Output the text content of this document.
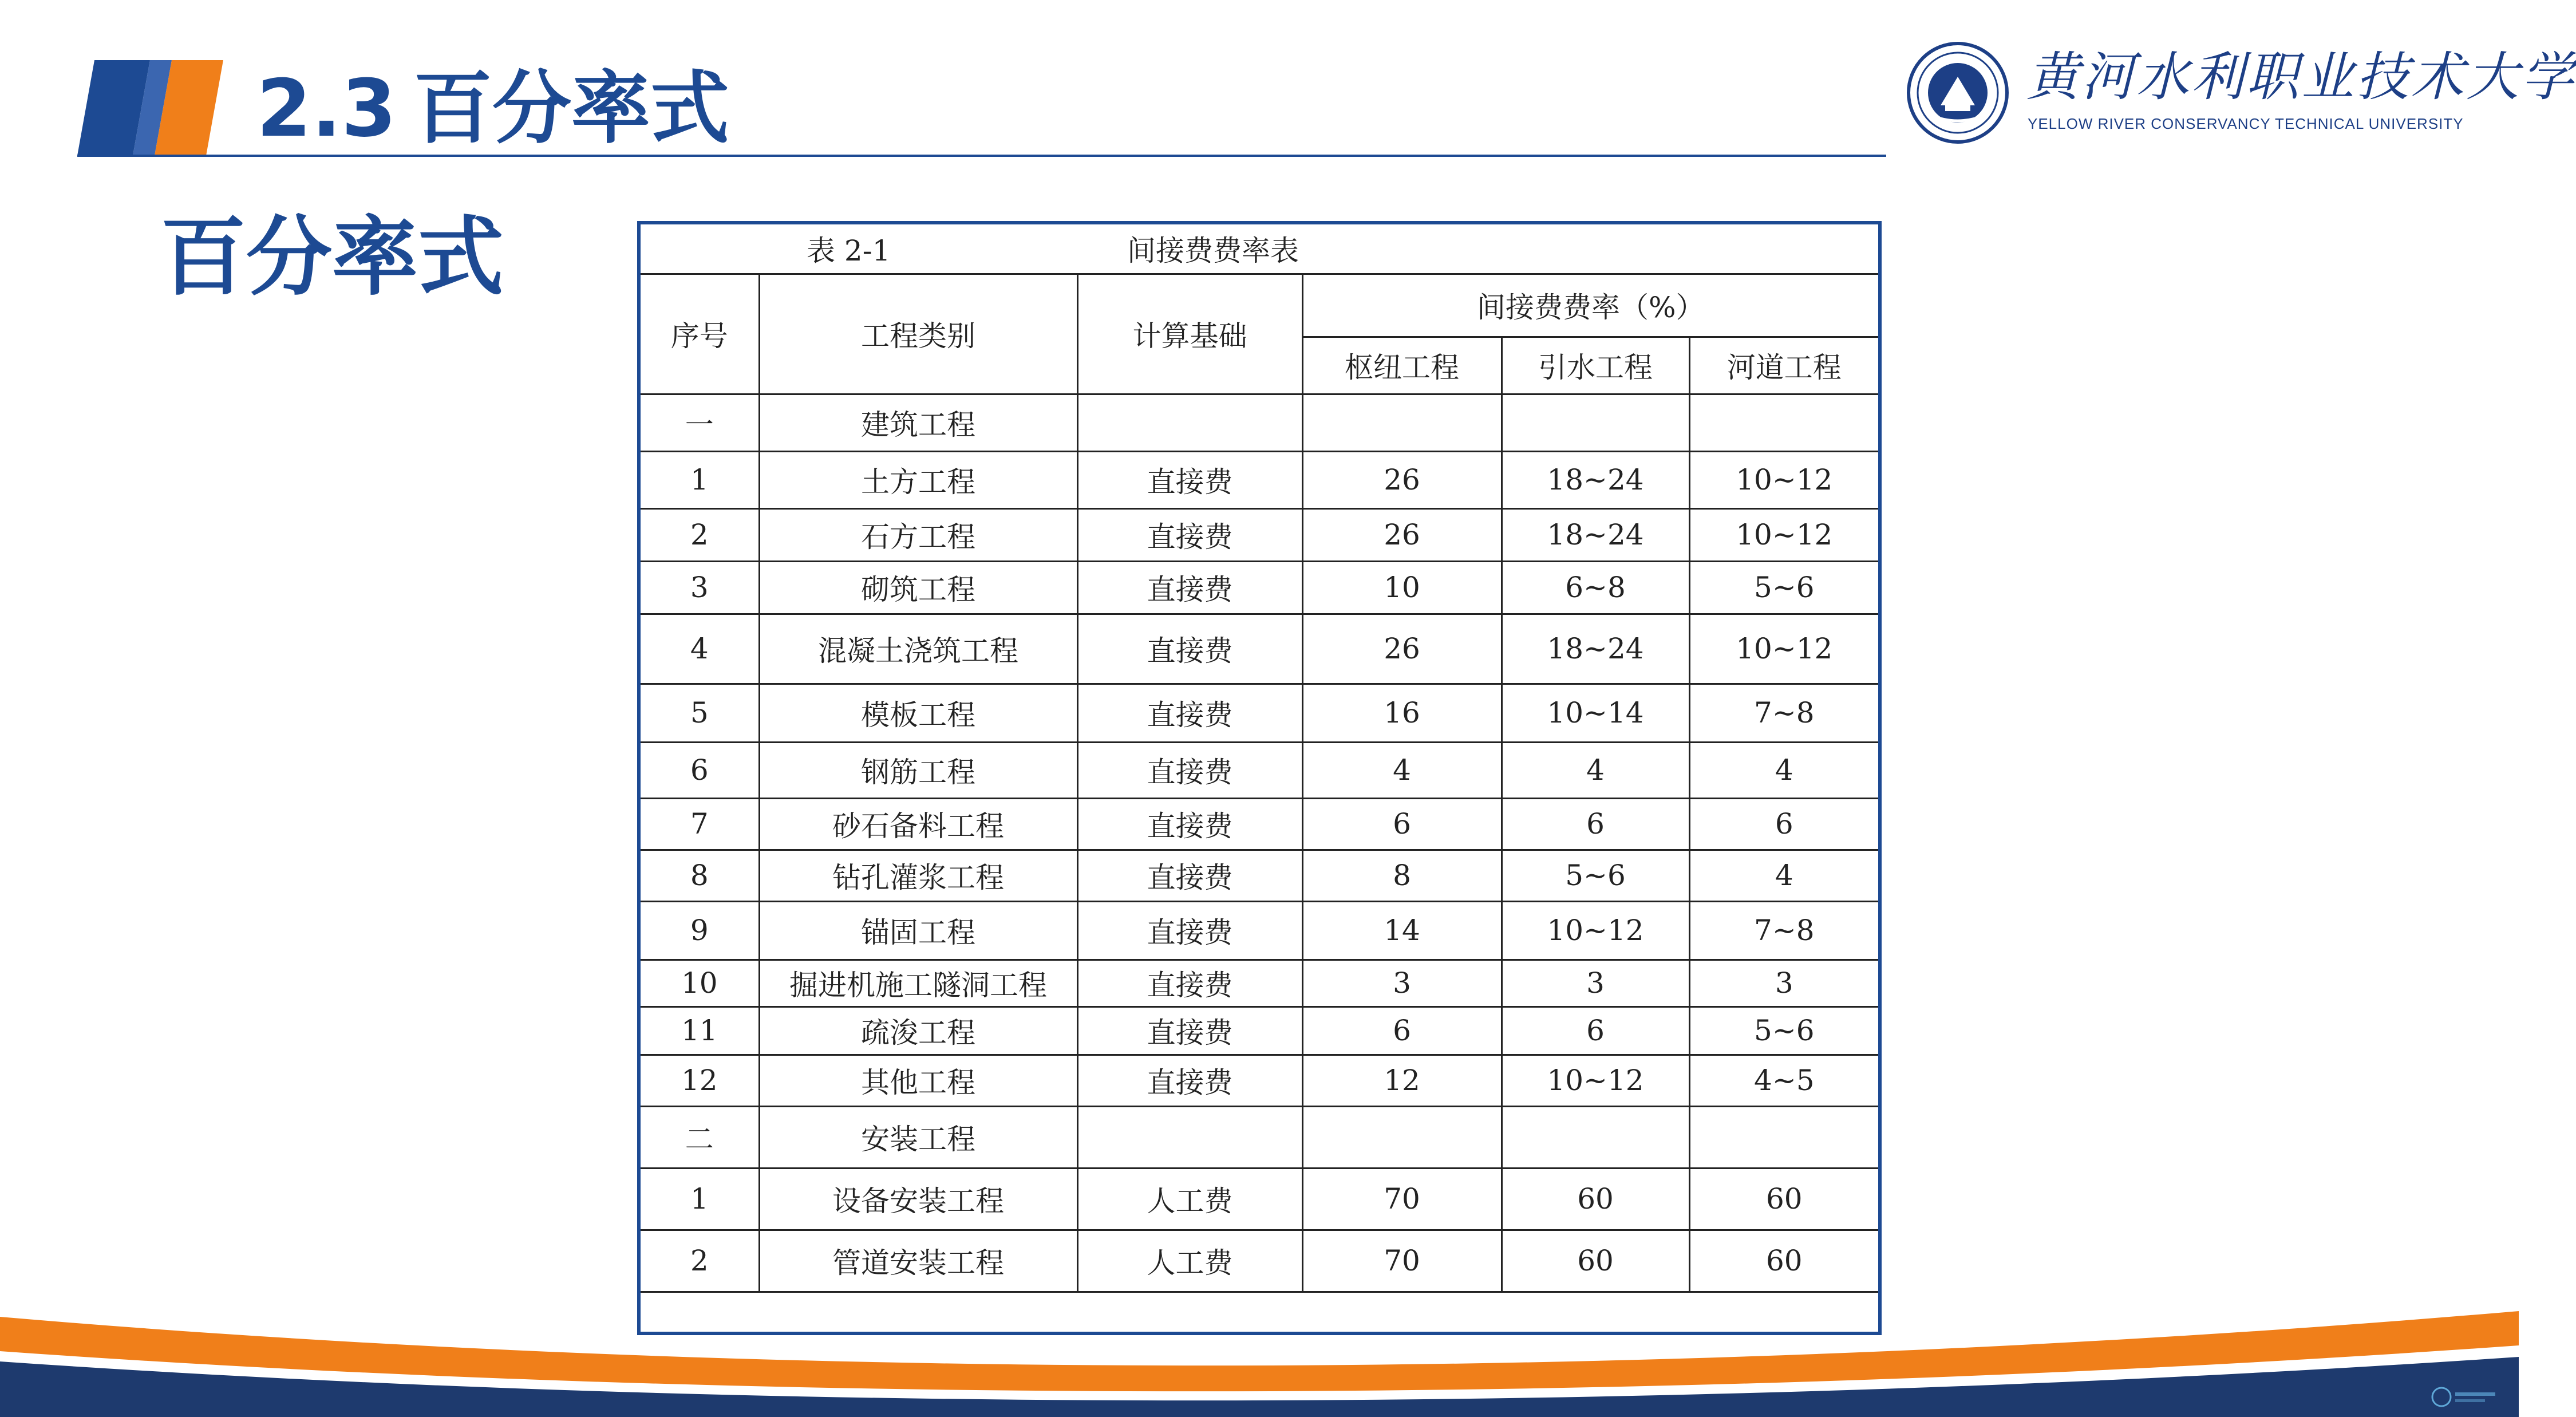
2.3 百分率式	黄河水利职业技术大学
YELLOW RIVER CONSERVANCY TECHNICAL UNIVERSITY
百分率式	表 2-1 间接费费率表					
序号	工程类别	计算基础	间接费费率（%）		
			枢纽工程	引水工程	河道工程
一	建筑工程				
1	土方工程	直接费	26	18~24	10~12
2	石方工程	直接费	26	18~24	10~12
3	砌筑工程	直接费	10	6~8	5~6
4	混凝土浇筑工程	直接费	26	18~24	10~12
5	模板工程	直接费	16	10~14	7~8
6	钢筋工程	直接费	4	4	4
7	砂石备料工程	直接费	6	6	6
8	钻孔灌浆工程	直接费	8	5~6	4
9	锚固工程	直接费	14	10~12	7~8
10	掘进机施工隧洞工程	直接费	3	3	3
11	疏浚工程	直接费	6	6	5~6
12	其他工程	直接费	12	10~12	4~5
二	安装工程				
1	设备安装工程	人工费	70	60	60
2	管道安装工程	人工费	70	60	60
